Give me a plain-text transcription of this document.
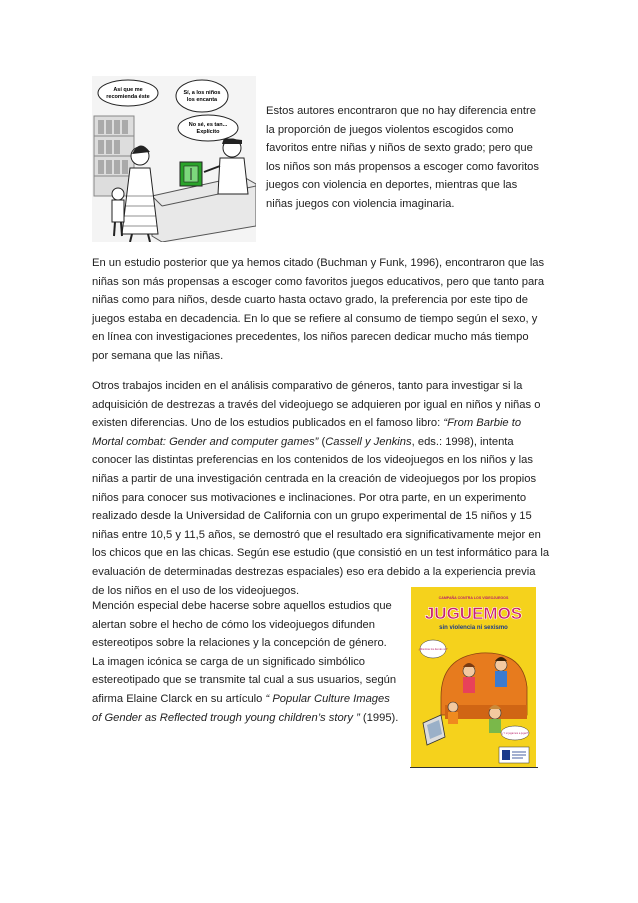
Así que me
recomienda éste
Sí, a los niños
los encanta
No sé, es tan...
Explícito
Estos autores encontraron que no hay diferencia entre
la proporción de juegos violentos escogidos como
favoritos entre niñas y niños de sexto grado; pero que
los niños son más propensos a escoger como favoritos
juegos con violencia en deportes, mientras que las
niñas juegos con violencia imaginaria.
En un estudio posterior que ya hemos citado (Buchman y Funk, 1996), encontraron que las
niñas son más propensas a escoger como favoritos juegos educativos, pero que tanto para
niñas como para niños, desde cuarto hasta octavo grado, la preferencia por este tipo de
juegos estaba en decadencia. En lo que se refiere al consumo de tiempo según el sexo, y
en línea con investigaciones precedentes, los niños parecen dedicar mucho más tiempo
por semana que las niñas.
Otros trabajos inciden en el análisis comparativo de géneros, tanto para investigar si la
adquisición de destrezas a través del videojuego se adquieren por igual en niños y niñas o
existen diferencias. Uno de los estudios publicados en el famoso libro: “From Barbie to
Mortal combat: Gender and computer games” (Cassell y Jenkins, eds.: 1998), intenta
conocer las distintas preferencias en los contenidos de los videojuegos en los niños y las
niñas a partir de una investigación centrada en la creación de videojuegos por los propios
niños para conocer sus motivaciones e inclinaciones. Por otra parte, en un experimento
realizado desde la Universidad de California con un grupo experimental de 15 niños y 15
niñas entre 10,5 y 11,5 años, se demostró que el resultado era significativamente mejor en
los chicos que en las chicas. Según ese estudio (que consistió en un test informático para la
evaluación de determinadas destrezas espaciales) eso era debido a la experiencia previa
de los niños en el uso de los videojuegos.
Mención especial debe hacerse sobre aquellos estudios que
alertan sobre el hecho de cómo los videojuegos difunden
estereotipos sobre la relaciones y la concepción de género.
La imagen icónica se carga de un significado simbólico
estereotipado que se transmite tal cual a sus usuarios, según
afirma Elaine Clarck en su artículo “ Popular Culture Images
of Gender as Reflected trough young children’s story ” (1995).
CAMPAÑA CONTRA LOS VIDEOJUEGOS
JUGUEMOS
sin violencia ni sexismo
¿Mientras los demás no?
¿Y si jugamos a jugar?
